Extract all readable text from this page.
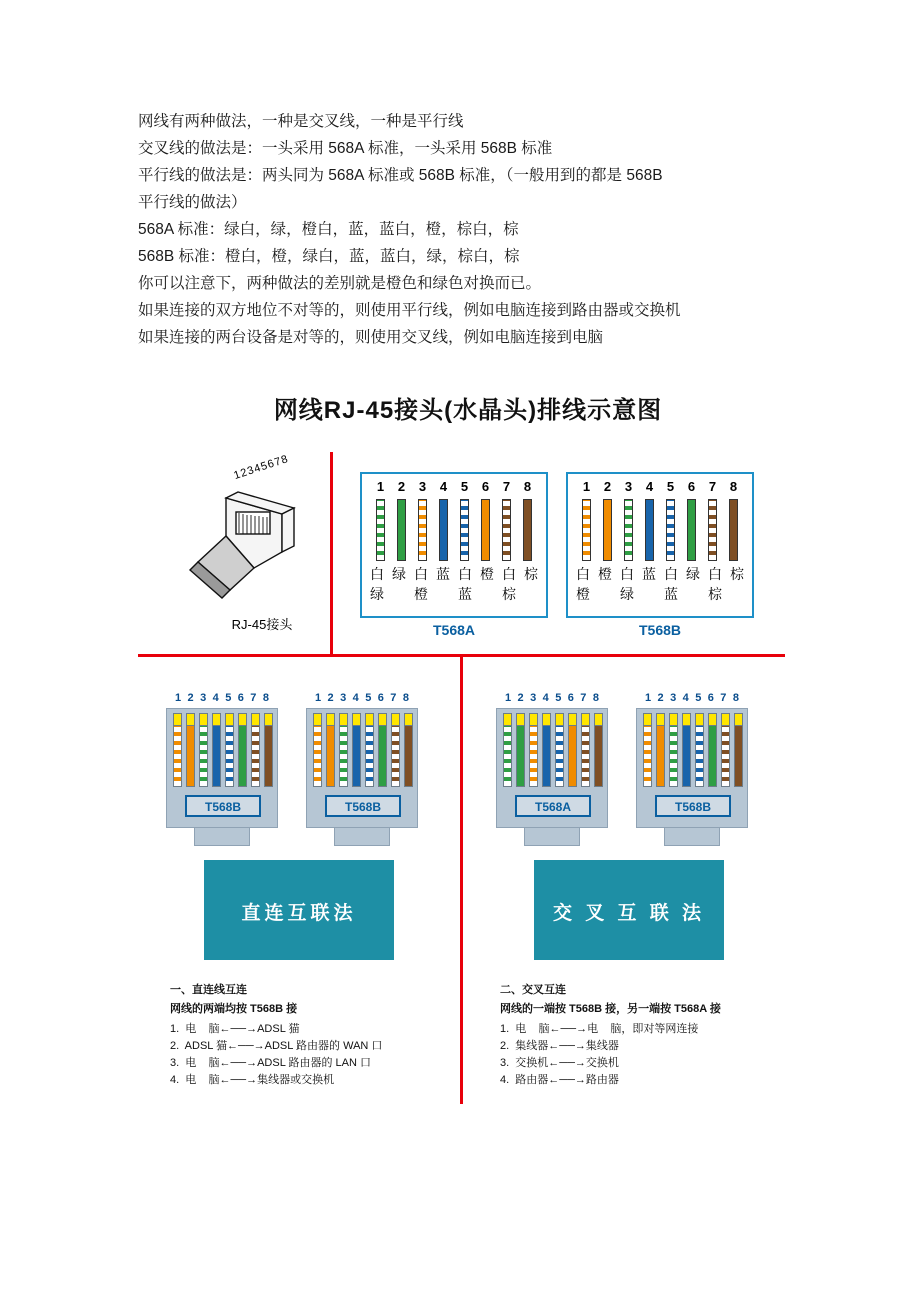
网线有两种做法，一种是交叉线，一种是平行线

交叉线的做法是：一头采用 568A 标准，一头采用 568B 标准

平行线的做法是：两头同为 568A 标准或 568B 标准，（一般用到的都是 568B

平行线的做法）

568A 标准：绿白，绿，橙白，蓝，蓝白，橙，棕白，棕

568B 标准：橙白，橙，绿白，蓝，蓝白，绿，棕白，棕

你可以注意下，两种做法的差别就是橙色和绿色对换而已。

如果连接的双方地位不对等的，则使用平行线，例如电脑连接到路由器或交换机

如果连接的两台设备是对等的，则使用交叉线，例如电脑连接到电脑

网线RJ-45接头(水晶头)排线示意图
12345678
RJ-45接头
1 2 3 4 5 6 7 8
白 绿 白 蓝 白 橙 白 棕
绿 橙 蓝 棕
T568A
1 2 3 4 5 6 7 8
白 橙 白 蓝 白 绿 白 棕
橙 绿 蓝 棕
T568B
1 2 3 4 5 6 7 8
T568B
1 2 3 4 5 6 7 8
T568B
直连互联法
一、直连线互连
网线的两端均按 T568B 接
1.  电    脑←──→ADSL 猫
2.  ADSL 猫←──→ADSL 路由器的 WAN 口
3.  电    脑←──→ADSL 路由器的 LAN 口
4.  电    脑←──→集线器或交换机
1 2 3 4 5 6 7 8
T568A
1 2 3 4 5 6 7 8
T568B
交 叉 互 联 法
二、交叉互连
网线的一端按 T568B 接，另一端按 T568A 接
1.  电    脑←──→电    脑，即对等网连接
2.  集线器←──→集线器
3.  交换机←──→交换机
4.  路由器←──→路由器
